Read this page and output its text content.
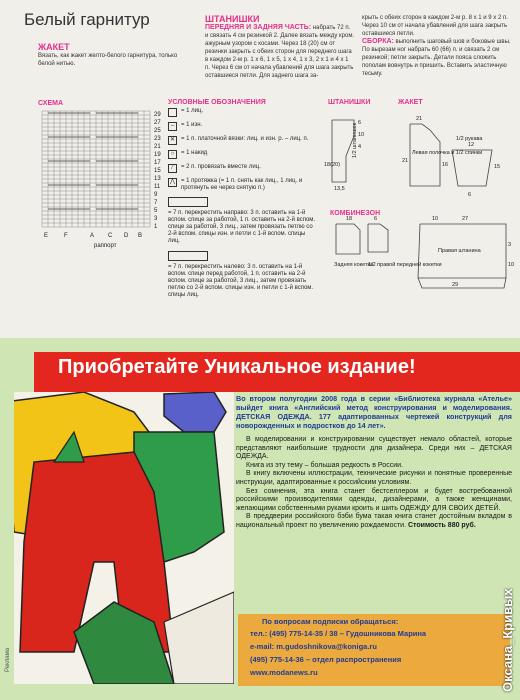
Белый гарнитур
ЖАКЕТ
Вязать, как жакет желто-белого гарнитура, только белой нитью.
ШТАНИШКИ
ПЕРЕДНЯЯ И ЗАДНЯЯ ЧАСТЬ: набрать 72 п. и связать 4 см резинкой 2. Далее вязать между кром. ажурным узором с косами. Через 18 (20) см от резинки закрыть с обеих сторон для переднего шага в каждом 2-м р. 1 х 6, 1 х 5, 1 х 4, 1 х 3, 2 х 1 и 4 х 1 п. Через 6 см от начала убавлений для шага закрыть оставшиеся петли. Для заднего шага за-
крыть с обеих сторон в каждом 2-м р. 8 х 1 и 9 х 2 п. Через 10 см от начала убавлений для шага закрыть оставшиеся петли.
СБОРКА: выполнить шаговый шов и боковые швы. По вырезам ног набрать 60 (66) п. и связать 2 см резинкой; петли закрыть. Детали пояса сложить пополам вовнутрь и пришить. Вставить эластичную тесьму.
СХЕМА	УСЛОВНЫЕ ОБОЗНАЧЕНИЯ
29
27
25
23
21
19
17
15
13
11
9
7
5
3
1
E	F	A C D B
раппорт
= 1 лиц.
–	= 1 изн.
✕ = 1 п. платочной вязки: лиц. и изн. р. – лиц. п.
○	= 1 накид
⁄	= 2 п. провязать вместе лиц.
⋀	= 1 протяжка (= 1 п. снять как лиц., 1 лиц. и протянуть ее через снятую п.)
= 7 п. перекрестить направо: 3 п. оставить на 1-й вспом. спице за работой, 1 п. оставить на 2-й вспом. спице за работой, 3 лиц., затем провязать петлю со 2-й вспом. спицы изн. и петли с 1-й вспом. спицы лиц.
= 7 п. перекрестить налево: 3 п. оставить на 1-й вспом. спице перед работой, 1 п. оставить на 2-й вспом. спице за работой, 3 лиц., затем провязать петлю со 2-й вспом. спицы изн. и петли с 1-й вспом. спицы лиц.
ШТАНИШКИ	ЖАКЕТ
КОМБИНЕЗОН
1/2 штанишек	Левая полочка и 1/2 спинки
1/2 рукава
Задняя кокетка
1/2 правой передней кокетки
Правая штанина
13,5
6
10
4
18(20)
21
21
16
12
15
6
18	6	10	27
3
10
29
Приобретайте Уникальное издание!
Во втором полугодии 2008 года в серии «Библиотека журнала «Ателье» выйдет книга «Английский метод конструирования и моделирования. ДЕТСКАЯ ОДЕЖДА. 177 адаптированных чертежей конструкций для новорожденных и подростков до 14 лет».

В моделировании и конструировании существует немало областей, которые представляют наибольшие трудности для дизайнера. Среди них – ДЕТСКАЯ ОДЕЖДА.

Книга из эту тему – большая редкость в России.

В книгу включены иллюстрации, технические рисунки и понятные проверенные инструкции, адаптированные к российским условиям.

Без сомнения, эта книга станет бестселлером и будет востребованной российскими производителями одежды, дизайнерами, а также женщинами, желающими собственными руками кроить и шить ОДЕЖДУ ДЛЯ СВОИХ ДЕТЕЙ.

В преддверии российского бэби бума такая книга станет достойным вкладом в национальный проект по увеличению рождаемости. Стоимость 880 руб.

По вопросам подписки обращаться:
тел.: (495) 775-14-35 / 38 – Гудошникова Марина
e-mail: m.gudoshnikova@koniga.ru
(495) 775-14-36 – отдел распространения
www.modanews.ru
Реклама	Оксана_Кривых
